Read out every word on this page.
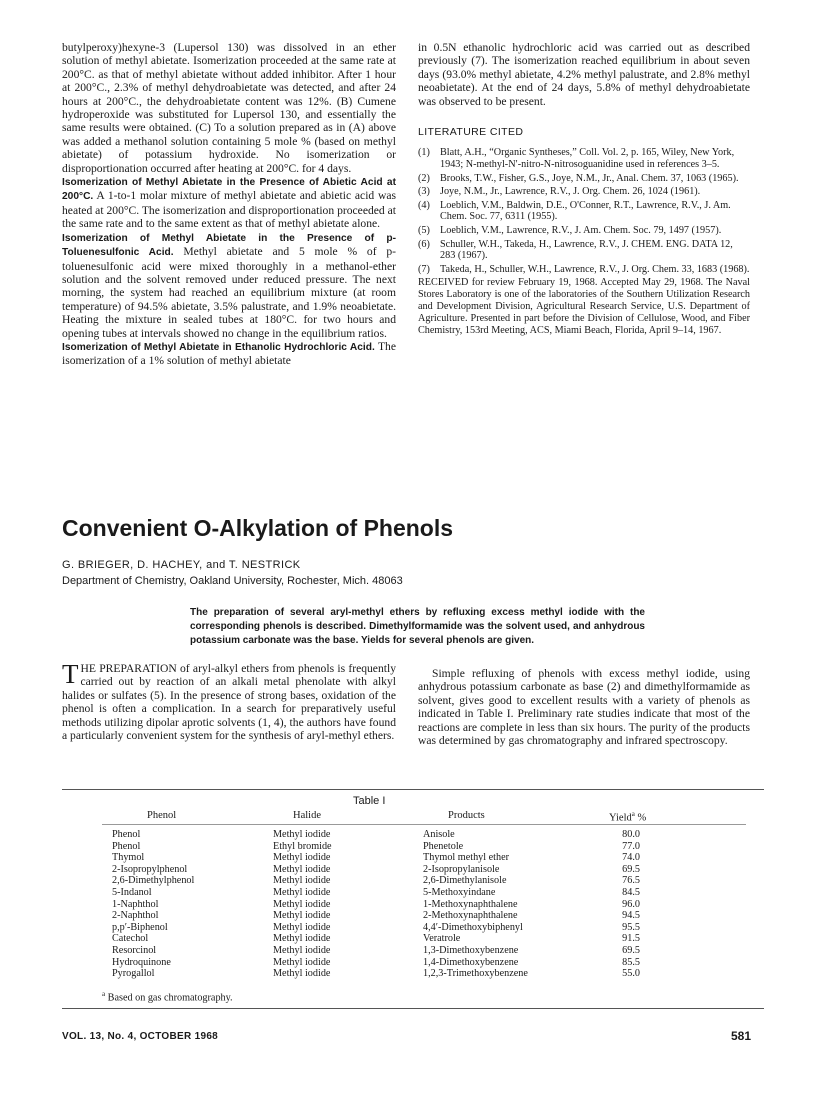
butylperoxy)hexyne-3 (Lupersol 130) was dissolved in an ether solution of methyl abietate. Isomerization proceeded at the same rate at 200°C. as that of methyl abietate without added inhibitor. After 1 hour at 200°C., 2.3% of methyl dehydroabietate was detected, and after 24 hours at 200°C., the dehydroabietate content was 12%. (B) Cumene hydroperoxide was substituted for Lupersol 130, and essentially the same results were obtained. (C) To a solution prepared as in (A) above was added a methanol solution containing 5 mole % (based on methyl abietate) of potassium hydroxide. No isomerization or disproportionation occurred after heating at 200°C. for 4 days.

Isomerization of Methyl Abietate in the Presence of Abietic Acid at 200°C. A 1-to-1 molar mixture of methyl abietate and abietic acid was heated at 200°C. The isomerization and disproportionation proceeded at the same rate and to the same extent as that of methyl abietate alone.

Isomerization of Methyl Abietate in the Presence of p-Toluenesulfonic Acid. Methyl abietate and 5 mole % of p-toluenesulfonic acid were mixed thoroughly in a methanol-ether solution and the solvent removed under reduced pressure. The next morning, the system had reached an equilibrium mixture (at room temperature) of 94.5% abietate, 3.5% palustrate, and 1.9% neoabietate. Heating the mixture in sealed tubes at 180°C. for two hours and opening tubes at intervals showed no change in the equilibrium ratios.

Isomerization of Methyl Abietate in Ethanolic Hydrochloric Acid. The isomerization of a 1% solution of methyl abietate

in 0.5N ethanolic hydrochloric acid was carried out as described previously (7). The isomerization reached equilibrium in about seven days (93.0% methyl abietate, 4.2% methyl palustrate, and 2.8% methyl neoabietate). At the end of 24 days, 5.8% of methyl dehydroabietate was observed to be present.

LITERATURE CITED
(1) Blatt, A.H., “Organic Syntheses,” Coll. Vol. 2, p. 165, Wiley, New York, 1943; N-methyl-N′-nitro-N-nitrosoguanidine used in references 3–5.
(2) Brooks, T.W., Fisher, G.S., Joye, N.M., Jr., Anal. Chem. 37, 1063 (1965).
(3) Joye, N.M., Jr., Lawrence, R.V., J. Org. Chem. 26, 1024 (1961).
(4) Loeblich, V.M., Baldwin, D.E., O'Conner, R.T., Lawrence, R.V., J. Am. Chem. Soc. 77, 6311 (1955).
(5) Loeblich, V.M., Lawrence, R.V., J. Am. Chem. Soc. 79, 1497 (1957).
(6) Schuller, W.H., Takeda, H., Lawrence, R.V., J. CHEM. ENG. DATA 12, 283 (1967).
(7) Takeda, H., Schuller, W.H., Lawrence, R.V., J. Org. Chem. 33, 1683 (1968).

RECEIVED for review February 19, 1968. Accepted May 29, 1968. The Naval Stores Laboratory is one of the laboratories of the Southern Utilization Research and Development Division, Agricultural Research Service, U.S. Department of Agriculture. Presented in part before the Division of Cellulose, Wood, and Fiber Chemistry, 153rd Meeting, ACS, Miami Beach, Florida, April 9–14, 1967.

Convenient O-Alkylation of Phenols
G. BRIEGER, D. HACHEY, and T. NESTRICK
Department of Chemistry, Oakland University, Rochester, Mich. 48063
The preparation of several aryl-methyl ethers by refluxing excess methyl iodide with the corresponding phenols is described. Dimethylformamide was the solvent used, and anhydrous potassium carbonate was the base. Yields for several phenols are given.

THE PREPARATION of aryl-alkyl ethers from phenols is frequently carried out by reaction of an alkali metal phenolate with alkyl halides or sulfates (5). In the presence of strong bases, oxidation of the phenol is often a complication. In a search for preparatively useful methods utilizing dipolar aprotic solvents (1, 4), the authors have found a particularly convenient system for the synthesis of aryl-methyl ethers.

Simple refluxing of phenols with excess methyl iodide, using anhydrous potassium carbonate as base (2) and dimethylformamide as solvent, gives good to excellent results with a variety of phenols as indicated in Table I. Preliminary rate studies indicate that most of the reactions are complete in less than six hours. The purity of the products was determined by gas chromatography and infrared spectroscopy.

Table I
Phenol	Halide	Products	Yield$^a$ %
Phenol	Methyl iodide	Anisole	80.0
Phenol	Ethyl bromide	Phenetole	77.0
Thymol	Methyl iodide	Thymol methyl ether	74.0
2-Isopropylphenol	Methyl iodide	2-Isopropylanisole	69.5
2,6-Dimethylphenol	Methyl iodide	2,6-Dimethylanisole	76.5
5-Indanol	Methyl iodide	5-Methoxyindane	84.5
1-Naphthol	Methyl iodide	1-Methoxynaphthalene	96.0
2-Naphthol	Methyl iodide	2-Methoxynaphthalene	94.5
p,p′-Biphenol	Methyl iodide	4,4′-Dimethoxybiphenyl	95.5
Catechol	Methyl iodide	Veratrole	91.5
Resorcinol	Methyl iodide	1,3-Dimethoxybenzene	69.5
Hydroquinone	Methyl iodide	1,4-Dimethoxybenzene	85.5
Pyrogallol	Methyl iodide	1,2,3-Trimethoxybenzene	55.0
$^a$ Based on gas chromatography.
VOL. 13, No. 4, OCTOBER 1968	581
